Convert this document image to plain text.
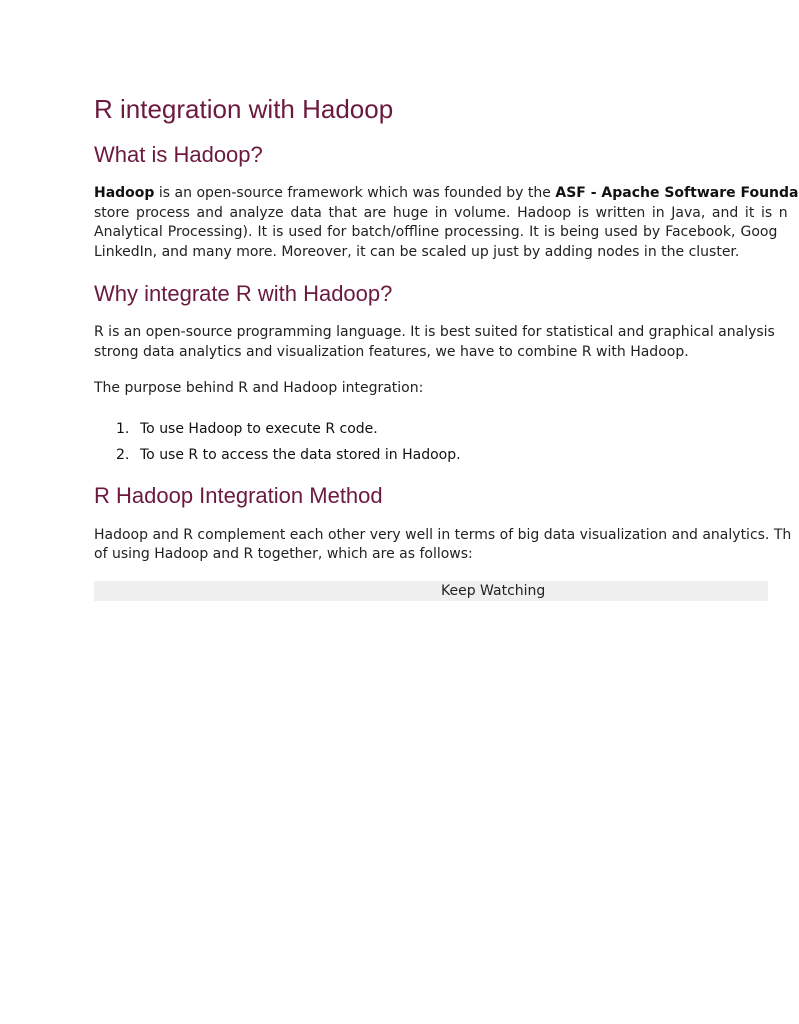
R integration with Hadoop
What is Hadoop?
Hadoop is an open-source framework which was founded by the ASF - Apache Software Founda
store process and analyze data that are huge in volume. Hadoop is written in Java, and it is n
Analytical Processing). It is used for batch/offline processing. It is being used by Facebook, Goog
LinkedIn, and many more. Moreover, it can be scaled up just by adding nodes in the cluster.
Why integrate R with Hadoop?
R is an open-source programming language. It is best suited for statistical and graphical analysis
strong data analytics and visualization features, we have to combine R with Hadoop.
The purpose behind R and Hadoop integration:
1. To use Hadoop to execute R code.
2. To use R to access the data stored in Hadoop.
R Hadoop Integration Method
Hadoop and R complement each other very well in terms of big data visualization and analytics. Th
of using Hadoop and R together, which are as follows:
Keep Watching
